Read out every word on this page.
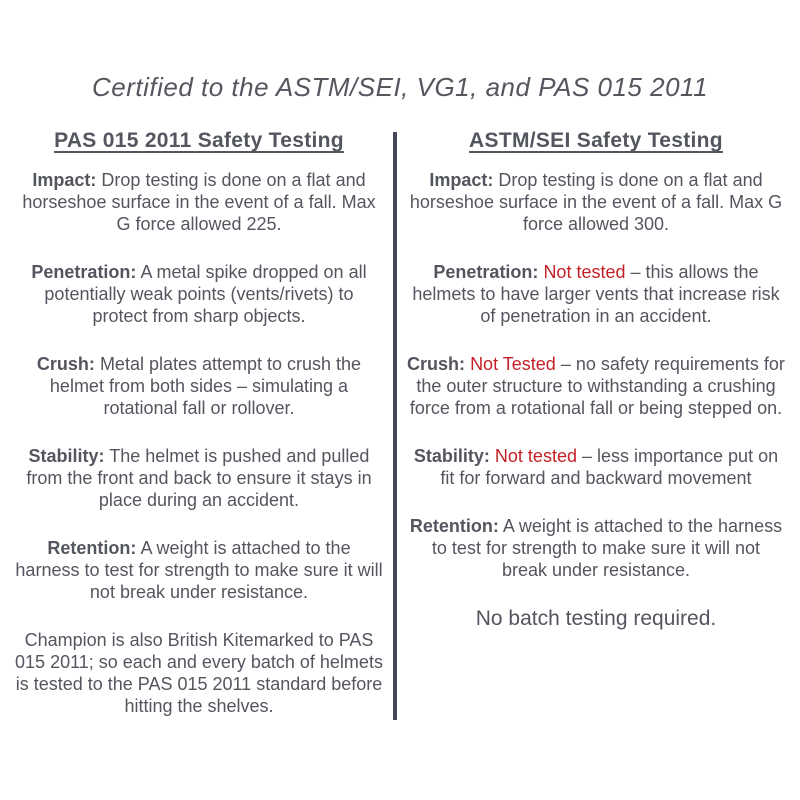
Certified to the ASTM/SEI, VG1, and PAS 015 2011
PAS 015 2011 Safety Testing

Impact: Drop testing is done on a flat and horseshoe surface in the event of a fall. Max G force allowed 225.

Penetration: A metal spike dropped on all potentially weak points (vents/rivets) to protect from sharp objects.

Crush: Metal plates attempt to crush the helmet from both sides – simulating a rotational fall or rollover.

Stability: The helmet is pushed and pulled from the front and back to ensure it stays in place during an accident.

Retention: A weight is attached to the harness to test for strength to make sure it will not break under resistance.

Champion is also British Kitemarked to PAS 015 2011; so each and every batch of helmets is tested to the PAS 015 2011 standard before hitting the shelves.

ASTM/SEI Safety Testing

Impact: Drop testing is done on a flat and horseshoe surface in the event of a fall. Max G force allowed 300.

Penetration: Not tested – this allows the helmets to have larger vents that increase risk of penetration in an accident.

Crush: Not Tested – no safety requirements for the outer structure to withstanding a crushing force from a rotational fall or being stepped on.

Stability: Not tested – less importance put on fit for forward and backward movement

Retention: A weight is attached to the harness to test for strength to make sure it will not break under resistance.

No batch testing required.
